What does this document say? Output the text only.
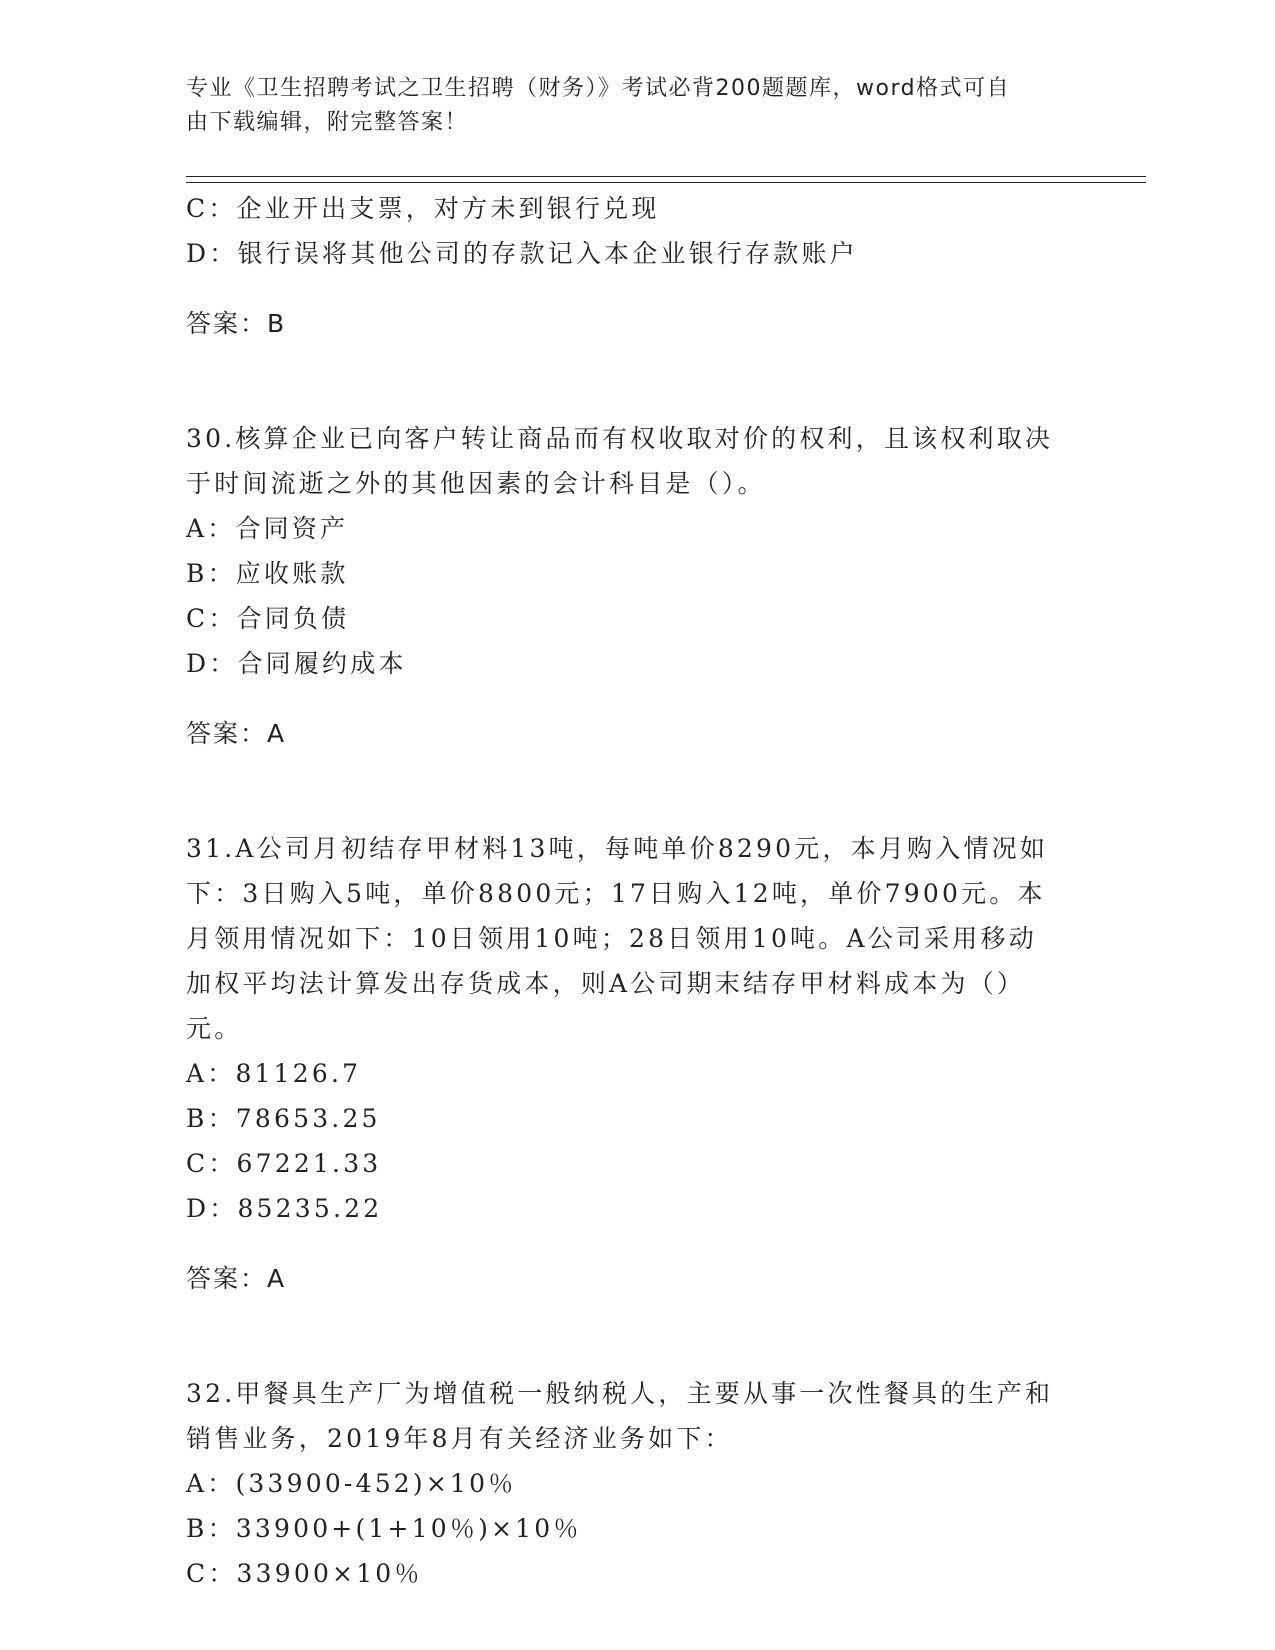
专业《卫生招聘考试之卫生招聘（财务）》考试必背200题题库，word格式可自
由下载编辑，附完整答案！

C：企业开出支票，对方未到银行兑现

D：银行误将其他公司的存款记入本企业银行存款账户

答案：B

30.核算企业已向客户转让商品而有权收取对价的权利，且该权利取决

于时间流逝之外的其他因素的会计科目是（）。

A：合同资产

B：应收账款

C：合同负债

D：合同履约成本

答案：A

31.A公司月初结存甲材料13吨，每吨单价8290元，本月购入情况如

下：3日购入5吨，单价8800元；17日购入12吨，单价7900元。本

月领用情况如下：10日领用10吨；28日领用10吨。A公司采用移动

加权平均法计算发出存货成本，则A公司期末结存甲材料成本为（）

元。

A：81126.7

B：78653.25

C：67221.33

D：85235.22

答案：A

32.甲餐具生产厂为增值税一般纳税人，主要从事一次性餐具的生产和

销售业务，2019年8月有关经济业务如下：

A：(33900-452)×10％

B：33900+(1+10％)×10％

C：33900×10％
